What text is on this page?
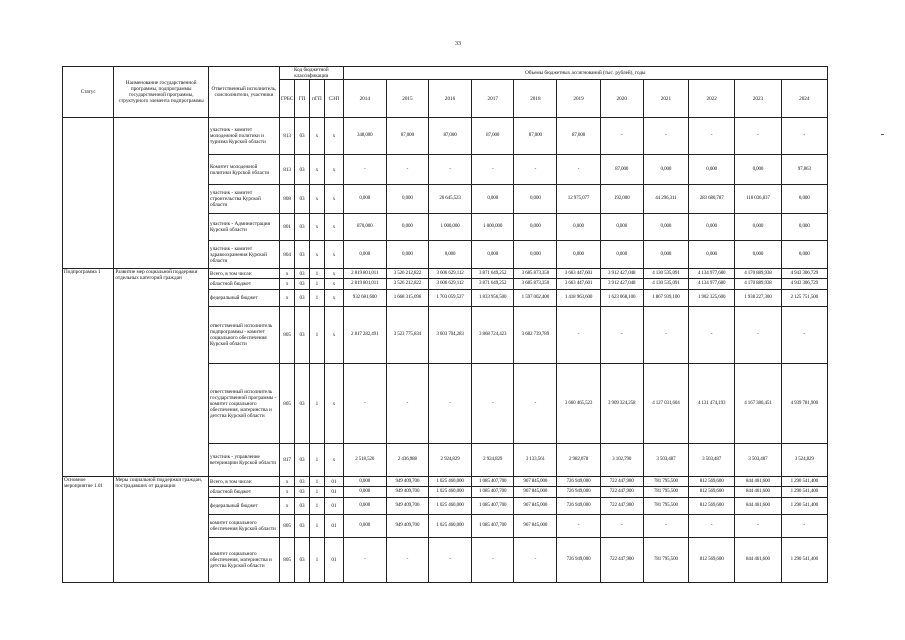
33
Статус	Наименование государственной программы, подпрограммы государственной программы, структурного элемента подпрограммы	Ответственный исполнитель, соисполнители, участники	Код бюджетной классификации				Объемы бюджетных ассигнований (тыс. рублей), годы										
			ГРБС	ГП	пГП	СЭП	2014	2015	2016	2017	2018	2019	2020	2021	2022	2023	2024
		участник - комитет молодежной политики и туризма Курской области	813	03	х	х	348,000	87,000	87,000	87,000	87,000	87,000	-	-	-	-	-
		Комитет молодежной политики Курской области	813	03	х	х	-	-	-	-	-	-	87,000	0,000	0,000	0,000	97,863
		участник - комитет строительства Курской области	808	03	х	х	0,000	0,000	26 645,523	0,000	0,000	12 975,077	192,000	44 296,311	283 680,787	116 036,837	0,000
		участник - Администрация Курской области	801	03	х	х	870,000	0,000	1 000,000	1 000,000	0,000	0,000	0,000	0,000	0,000	0,000	0,000
		участник - комитет здравоохранения Курской области	804	03	х	х	0,000	0,000	0,000	0,000	0,000	0,000	0,000	0,000	0,000	0,000	0,000
Подпрограмма 1	Развитие мер социальной поддержки отдельных категорий граждан	Всего, в том числе:	х	03	1	х	2 819 801,011	3 526 212,822	3 606 629,112	3 871 649,252	3 685 873,350	3 663 447,601	3 912 427,048	4 130 535,091	4 134 977,680	4 170 889,938	4 943 306,729
		областной бюджет	х	03	1	х	2 819 801,011	3 526 212,822	3 606 629,112	3 871 649,252	3 685 873,350	3 663 447,601	3 912 427,048	4 130 535,091	4 134 977,680	4 170 889,938	4 943 306,729
		федеральный бюджет	х	03	1	х	932 681,600	1 668 315,096	1 703 059,527	1 833 956,500	1 597 002,400	1 418 963,600	1 623 068,100	1 867 939,100	1 902 325,600	1 938 227,300	2 125 751,500
		ответственный исполнитель подпрограммы - комитет социального обеспечения Курской области	805	03	1	х	2 817 282,491	3 523 775,834	3 603 704,283	3 868 724,423	3 682 739,789	-	-	-	-	-	-
		ответственный исполнитель государственной программы - комитет социального обеспечения, материнства и детства Курской области	805	03	1	х	-	-	-	-	-	3 660 465,523	3 909 324,258	4 127 031,604	4 131 474,193	4 167 386,451	4 939 781,900
		участник - управление ветеринарии Курской области	817	03	1	х	2 518,520	2 436,988	2 924,829	2 924,829	3 133,561	2 982,078	3 102,790	3 503,487	3 503,487	3 503,487	3 524,829
Основное мероприятие 1.01	Меры социальной поддержки граждан, пострадавших от радиации	Всего, в том числе:	х	03	1	01	0,000	949 409,700	1 025 460,000	1 085 407,700	967 845,000	726 949,000	722 447,900	781 795,500	812 569,600	844 461,600	1 290 541,400
		областной бюджет	х	03	1	01	0,000	949 409,700	1 025 460,000	1 085 407,700	967 845,000	726 949,000	722 447,900	781 795,500	812 569,600	844 461,600	1 290 541,400
		федеральный бюджет	х	03	1	01	0,000	949 409,700	1 025 460,000	1 085 407,700	967 845,000	726 949,000	722 447,900	781 795,500	812 569,600	844 461,600	1 290 541,400
		комитет социального обеспечения Курской области	805	03	1	01	0,000	949 409,700	1 025 460,000	1 085 407,700	967 845,000	-	-	-	-	-	-
		комитет социального обеспечения, материнства и детства Курской области	805	03	1	01	-	-	-	-	-	726 949,000	722 447,900	781 795,500	812 569,600	844 461,600	1 290 541,400
